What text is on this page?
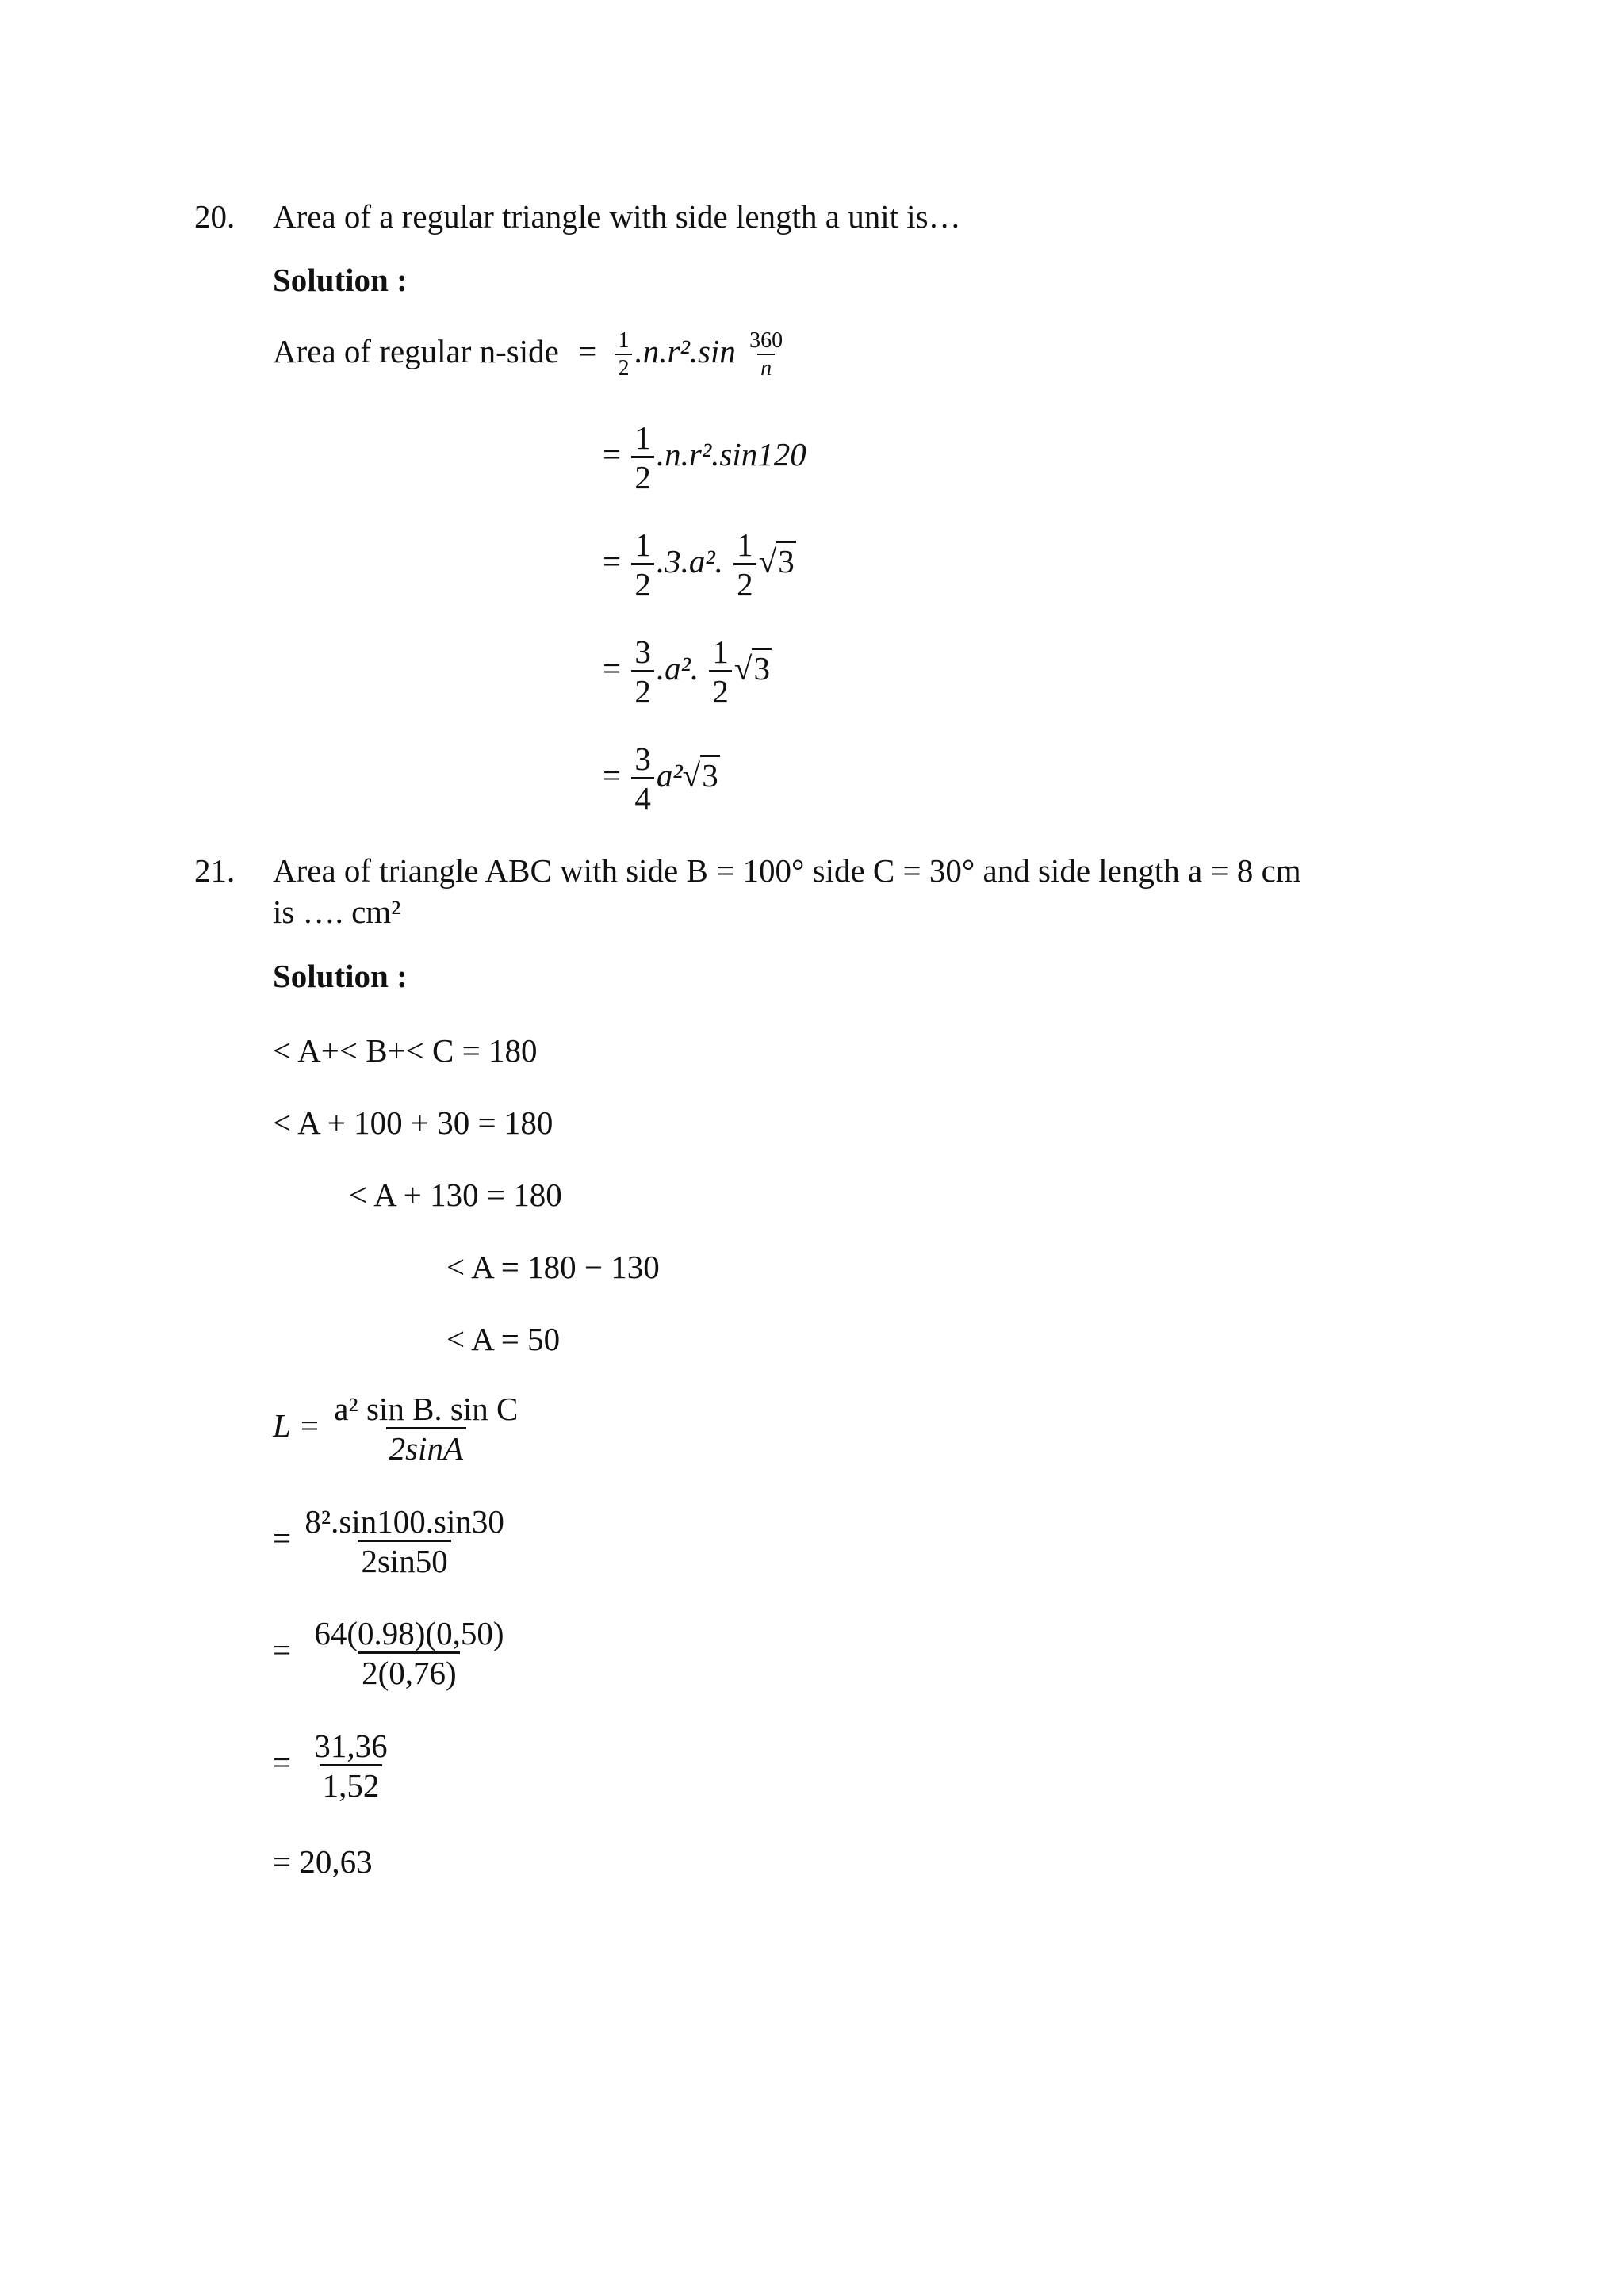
20. Area of a regular triangle with side length a unit is…
Solution :
Area of regular n-side = $\frac{1}{2} .n.r^2.\sin \frac{360}{n}$
= $\frac{1}{2} .n.r^2.\sin 120$
= $\frac{1}{2} .3.a^2$. $\frac{1}{2} √3$
= $\frac{3}{2} .a^2$. $\frac{1}{2} √3$
= $\frac{3}{4} a^2√3$
21. Area of triangle ABC with side B = 100° side C = 30° and side length a = 8 cm
is …. cm²
Solution :
< A+< B+< C = 180
< A + 100 + 30 = 180
< A + 130 = 180
< A = 180 − 130
< A = 50
$L = \frac{\text{a² sin B. sin C}}{2\sin A}$
= $\frac{\text{8².sin100.sin30}}{2\sin 50}$
= $\frac{64(0.98)(0,50)}{2(0,76)}$
= $\frac{31,36}{1,52}$
= 20,63
